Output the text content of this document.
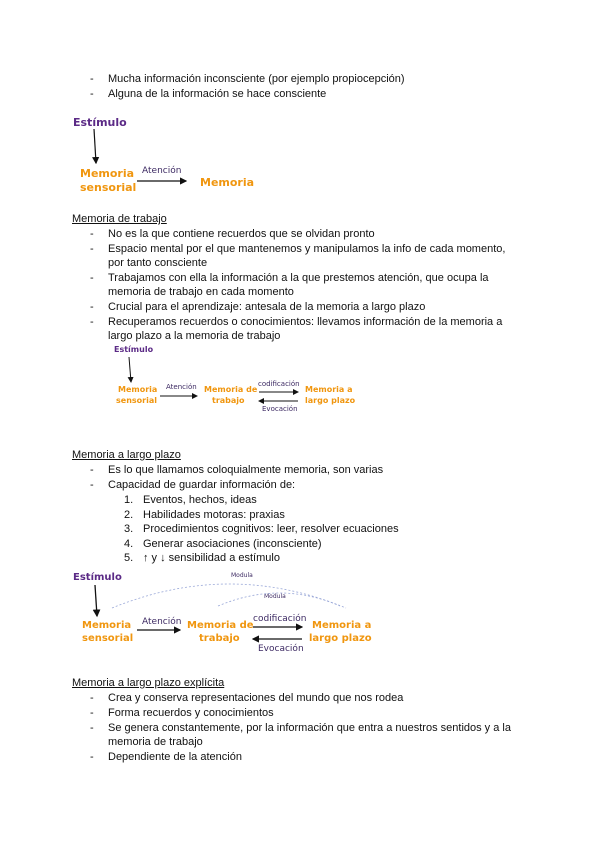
- Mucha información inconsciente (por ejemplo propiocepción)
- Alguna de la información se hace consciente
Estímulo
Memoria
sensorial
Atención
Memoria
Memoria de trabajo
- No es la que contiene recuerdos que se olvidan pronto
- Espacio mental por el que mantenemos y manipulamos la info de cada momento,
por tanto consciente
- Trabajamos con ella la información a la que prestemos atención, que ocupa la
memoria de trabajo en cada momento
- Crucial para el aprendizaje: antesala de la memoria a largo plazo
- Recuperamos recuerdos o conocimientos: llevamos información de la memoria a
largo plazo a la memoria de trabajo
Estímulo
Memoria
sensorial
Atención Memoria de
trabajo
codificación
Evocación
Memoria a
largo plazo
Memoria a largo plazo
- Es lo que llamamos coloquialmente memoria, son varias
- Capacidad de guardar información de:
1. Eventos, hechos, ideas
2. Habilidades motoras: praxias
3. Procedimientos cognitivos: leer, resolver ecuaciones
4. Generar asociaciones (inconsciente)
5. ↑ y ↓ sensibilidad a estímulo
Estímulo	Modula
Modula
Memoria
sensorial
Atención Memoria de
trabajo
codificación
Evocación
Memoria a
largo plazo
Memoria a largo plazo explícita
- Crea y conserva representaciones del mundo que nos rodea
- Forma recuerdos y conocimientos
- Se genera constantemente, por la información que entra a nuestros sentidos y a la
memoria de trabajo
- Dependiente de la atención
